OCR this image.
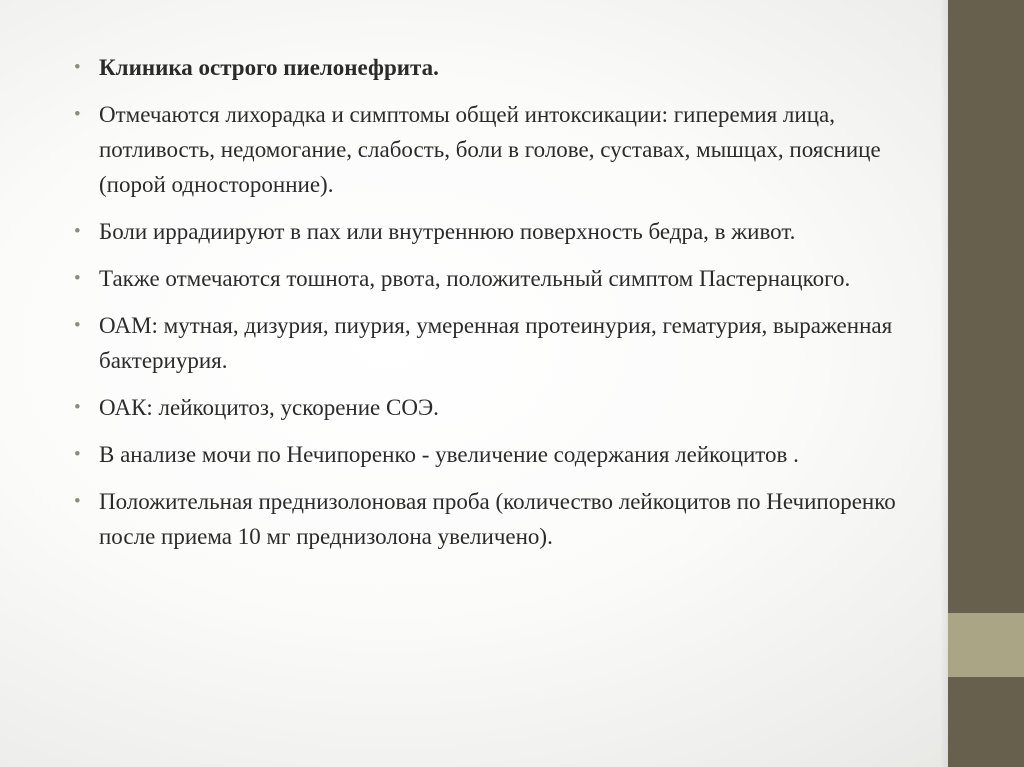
• Клиника острого пиелонефрита.
• Отмечаются лихорадка и симптомы общей интоксикации: гиперемия лица, потливость, недомогание, слабость, боли в голове, суставах, мышцах, пояснице (порой односторонние).
• Боли иррадиируют в пах или внутреннюю поверхность бедра, в живот.
• Также отмечаются тошнота, рвота, положительный симптом Пастернацкого.
• ОАМ: мутная, дизурия, пиурия, умеренная протеинурия, гематурия, выраженная бактериурия.
• ОАК: лейкоцитоз, ускорение СОЭ.
• В анализе мочи по Нечипоренко - увеличение содержания лейкоцитов .
• Положительная преднизолоновая проба (количество лейкоцитов по Нечипоренко после приема 10 мг преднизолона увеличено).
